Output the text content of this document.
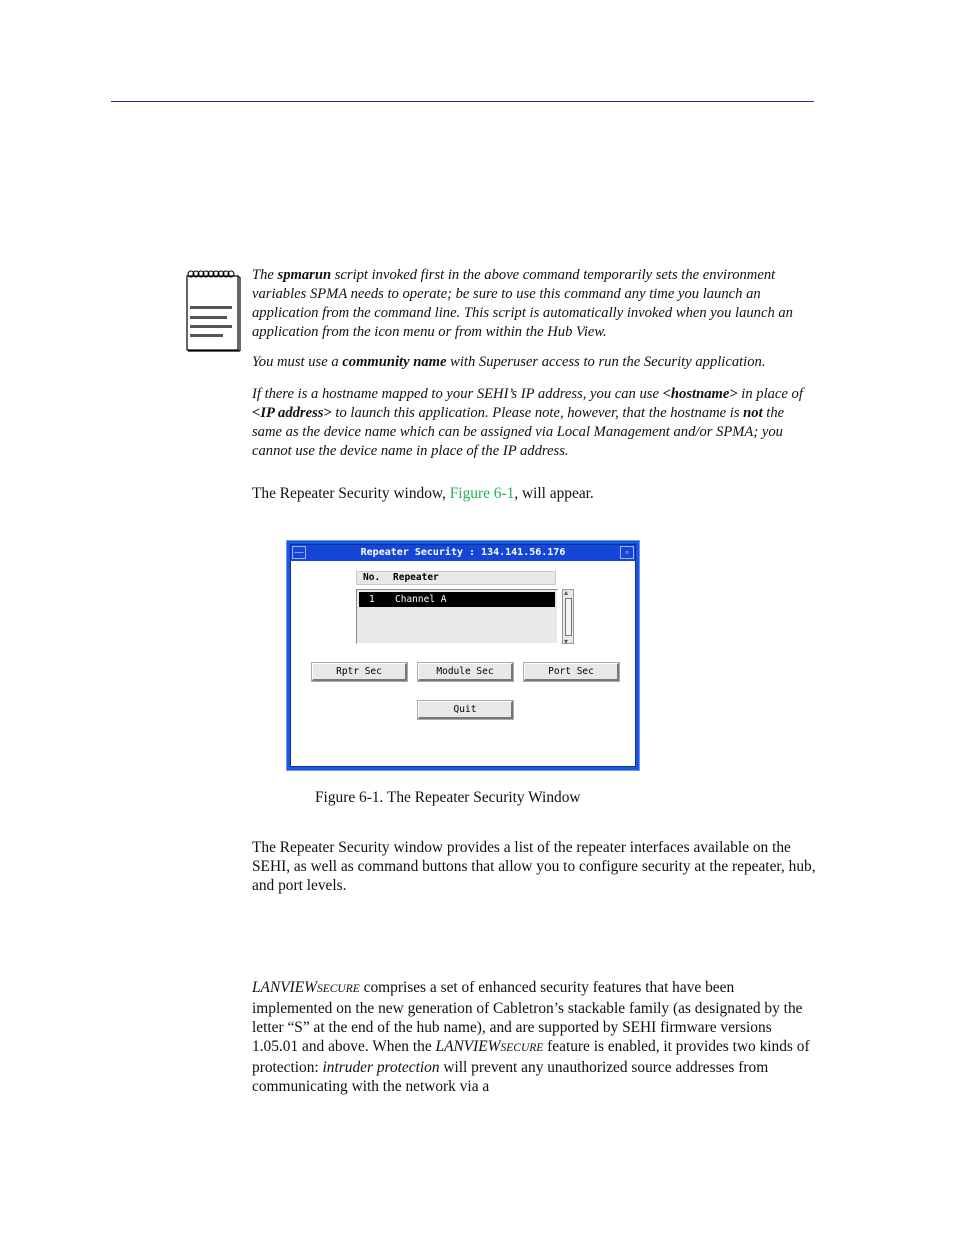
The spmarun script invoked first in the above command temporarily sets the environment variables SPMA needs to operate; be sure to use this command any time you launch an application from the command line. This script is automatically invoked when you launch an application from the icon menu or from within the Hub View.

You must use a community name with Superuser access to run the Security application.

If there is a hostname mapped to your SEHI’s IP address, you can use <hostname> in place of <IP address> to launch this application. Please note, however, that the hostname is not the same as the device name which can be assigned via Local Management and/or SPMA; you cannot use the device name in place of the IP address.

The Repeater Security window, Figure 6-1, will appear.

Repeater Security : 134.141.56.176
—	▫
No. Repeater
1 Channel A
▴
▾
Rptr Sec	Module Sec	Port Sec
Quit

Figure 6-1. The Repeater Security Window

The Repeater Security window provides a list of the repeater interfaces available on the SEHI, as well as command buttons that allow you to configure security at the repeater, hub, and port levels.

LANVIEWSECURE comprises a set of enhanced security features that have been implemented on the new generation of Cabletron’s stackable family (as designated by the letter “S” at the end of the hub name), and are supported by SEHI firmware versions 1.05.01 and above. When the LANVIEWSECURE feature is enabled, it provides two kinds of protection: intruder protection will prevent any unauthorized source addresses from communicating with the network via a
